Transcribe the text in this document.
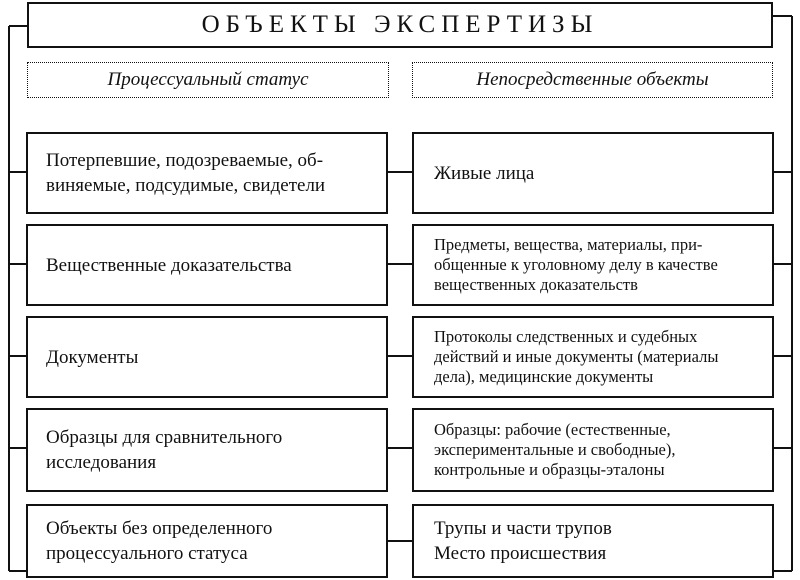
ОБЪЕКТЫ ЭКСПЕРТИЗЫ
Процессуальный статус	Непосредственные объекты
Потерпевшие, подозреваемые, об-
виняемые, подсудимые, свидетели
Живые лица
Вещественные доказательства
Предметы, вещества, материалы, при-
общенные к уголовному делу в качестве
вещественных доказательств
Документы
Протоколы следственных и судебных
действий и иные документы (материалы
дела), медицинские документы
Образцы для сравнительного
исследования
Образцы: рабочие (естественные,
экспериментальные и свободные),
контрольные и образцы-эталоны
Объекты без определенного
процессуального статуса
Трупы и части трупов
Место происшествия
